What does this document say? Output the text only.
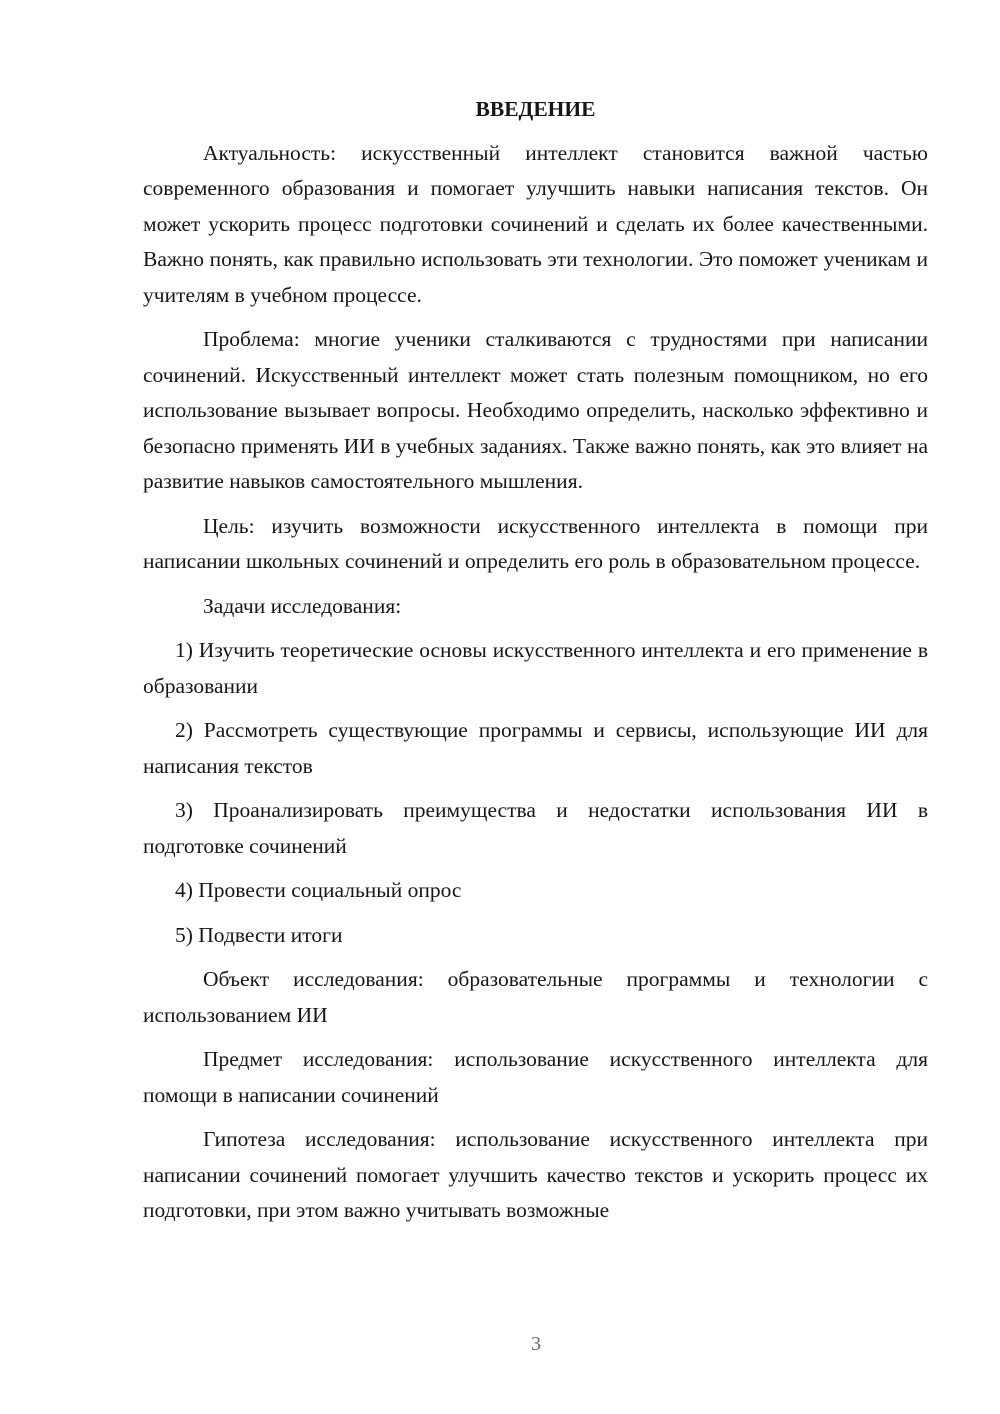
ВВЕДЕНИЕ

Актуальность: искусственный интеллект становится важной частью современного образования и помогает улучшить навыки написания текстов. Он может ускорить процесс подготовки сочинений и сделать их более качественными. Важно понять, как правильно использовать эти технологии. Это поможет ученикам и учителям в учебном процессе.

Проблема: многие ученики сталкиваются с трудностями при написании сочинений. Искусственный интеллект может стать полезным помощником, но его использование вызывает вопросы. Необходимо определить, насколько эффективно и безопасно применять ИИ в учебных заданиях. Также важно понять, как это влияет на развитие навыков самостоятельного мышления.

Цель: изучить возможности искусственного интеллекта в помощи при написании школьных сочинений и определить его роль в образовательном процессе.

Задачи исследования:

1) Изучить теоретические основы искусственного интеллекта и его применение в образовании

2) Рассмотреть существующие программы и сервисы, использующие ИИ для написания текстов

3) Проанализировать преимущества и недостатки использования ИИ в подготовке сочинений

4) Провести социальный опрос

5) Подвести итоги

Объект исследования: образовательные программы и технологии с использованием ИИ

Предмет исследования: использование искусственного интеллекта для помощи в написании сочинений

Гипотеза исследования: использование искусственного интеллекта при написании сочинений помогает улучшить качество текстов и ускорить процесс их подготовки, при этом важно учитывать возможные

3
